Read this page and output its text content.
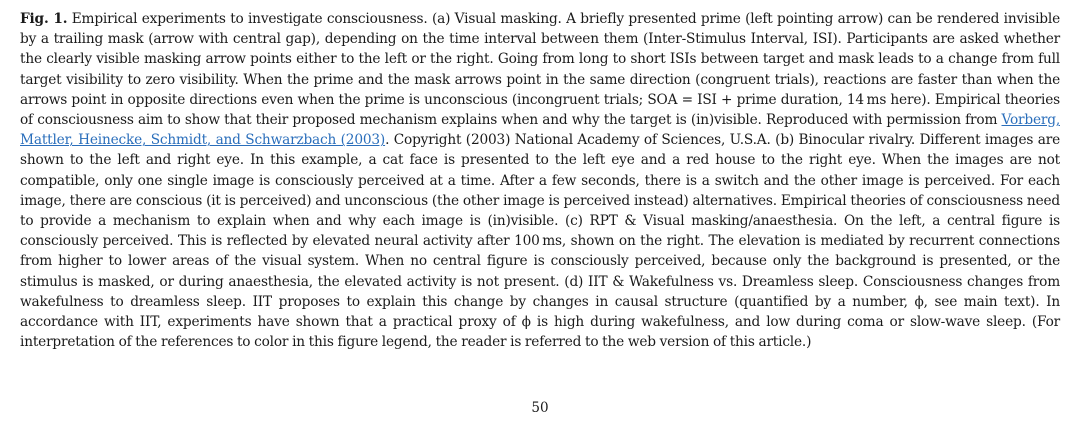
Fig. 1. Empirical experiments to investigate consciousness. (a) Visual masking. A briefly presented prime (left pointing arrow) can be rendered invisible by a trailing mask (arrow with central gap), depending on the time interval between them (Inter-Stimulus Interval, ISI). Participants are asked whether the clearly visible masking arrow points either to the left or the right. Going from long to short ISIs between target and mask leads to a change from full target visibility to zero visibility. When the prime and the mask arrows point in the same direction (congruent trials), reactions are faster than when the arrows point in opposite directions even when the prime is unconscious (incongruent trials; SOA = ISI + prime duration, 14 ms here). Empirical theories of consciousness aim to show that their proposed mechanism explains when and why the target is (in)visible. Reproduced with permission from Vorberg, Mattler, Heinecke, Schmidt, and Schwarzbach (2003). Copyright (2003) National Academy of Sciences, U.S.A. (b) Binocular rivalry. Different images are shown to the left and right eye. In this example, a cat face is presented to the left eye and a red house to the right eye. When the images are not compatible, only one single image is consciously perceived at a time. After a few seconds, there is a switch and the other image is perceived. For each image, there are conscious (it is perceived) and unconscious (the other image is perceived instead) alternatives. Empirical theories of consciousness need to provide a mechanism to explain when and why each image is (in)visible. (c) RPT & Visual masking/anaesthesia. On the left, a central figure is consciously perceived. This is reflected by elevated neural activity after 100 ms, shown on the right. The elevation is mediated by recurrent connections from higher to lower areas of the visual system. When no central figure is consciously perceived, because only the background is presented, or the stimulus is masked, or during anaesthesia, the elevated activity is not present. (d) IIT & Wakefulness vs. Dreamless sleep. Consciousness changes from wakefulness to dreamless sleep. IIT proposes to explain this change by changes in causal structure (quantified by a number, ϕ, see main text). In accordance with IIT, experiments have shown that a practical proxy of ϕ is high during wakefulness, and low during coma or slow-wave sleep. (For interpretation of the references to color in this figure legend, the reader is referred to the web version of this article.)
50
